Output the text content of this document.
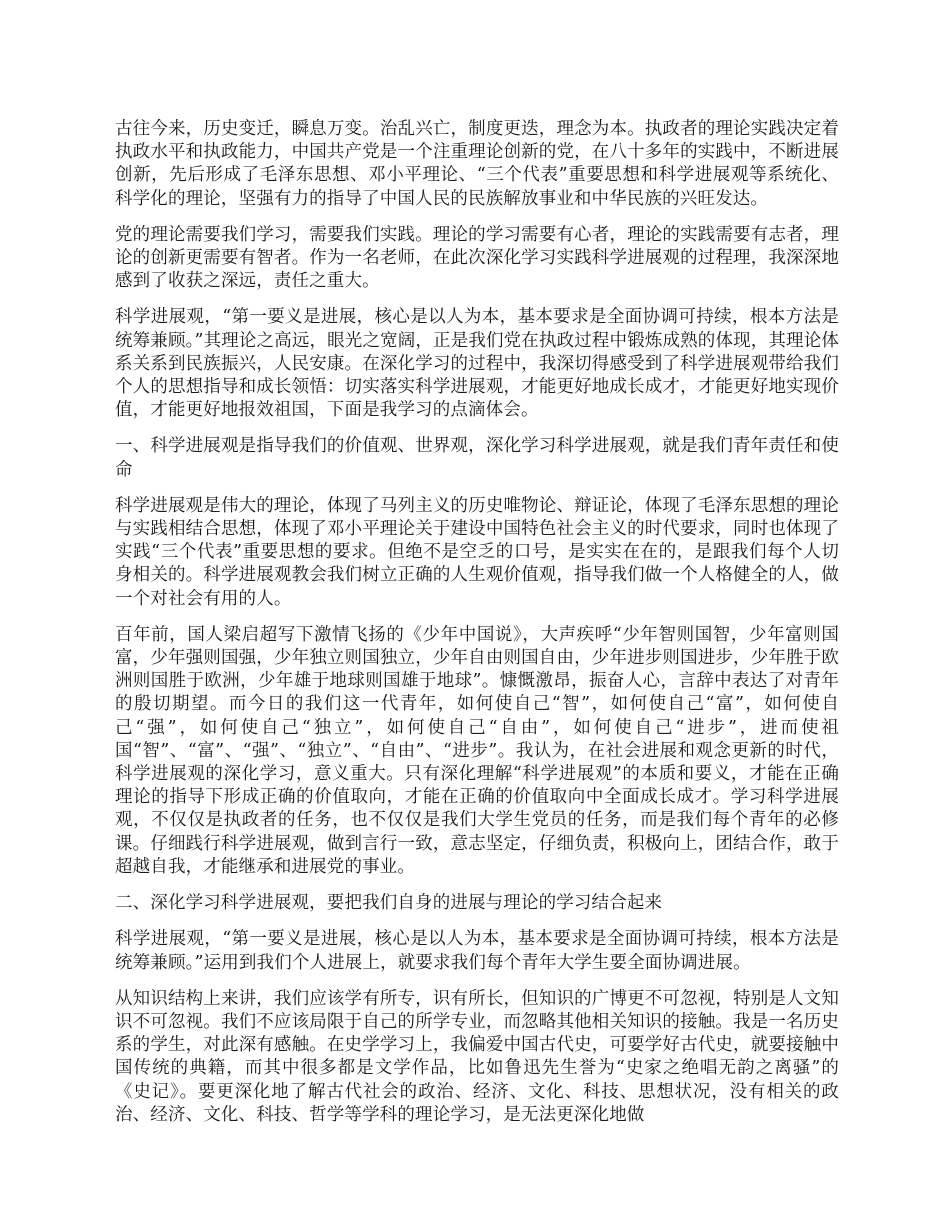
古往今来，历史变迁，瞬息万变。治乱兴亡，制度更迭，理念为本。执政者的理论实践决定着执政水平和执政能力，中国共产党是一个注重理论创新的党，在八十多年的实践中，不断进展创新，先后形成了毛泽东思想、邓小平理论、“三个代表”重要思想和科学进展观等系统化、科学化的理论，坚强有力的指导了中国人民的民族解放事业和中华民族的兴旺发达。

党的理论需要我们学习，需要我们实践。理论的学习需要有心者，理论的实践需要有志者，理论的创新更需要有智者。作为一名老师，在此次深化学习实践科学进展观的过程理，我深深地感到了收获之深远，责任之重大。

科学进展观，“第一要义是进展，核心是以人为本，基本要求是全面协调可持续，根本方法是统筹兼顾。”其理论之高远，眼光之宽阔，正是我们党在执政过程中锻炼成熟的体现，其理论体系关系到民族振兴，人民安康。在深化学习的过程中，我深切得感受到了科学进展观带给我们个人的思想指导和成长领悟：切实落实科学进展观，才能更好地成长成才，才能更好地实现价值，才能更好地报效祖国，下面是我学习的点滴体会。

一、科学进展观是指导我们的价值观、世界观，深化学习科学进展观，就是我们青年责任和使命

科学进展观是伟大的理论，体现了马列主义的历史唯物论、辩证论，体现了毛泽东思想的理论与实践相结合思想，体现了邓小平理论关于建设中国特色社会主义的时代要求，同时也体现了实践“三个代表”重要思想的要求。但绝不是空乏的口号，是实实在在的，是跟我们每个人切身相关的。科学进展观教会我们树立正确的人生观价值观，指导我们做一个人格健全的人，做一个对社会有用的人。

百年前，国人梁启超写下激情飞扬的《少年中国说》，大声疾呼“少年智则国智，少年富则国富，少年强则国强，少年独立则国独立，少年自由则国自由，少年进步则国进步，少年胜于欧洲则国胜于欧洲，少年雄于地球则国雄于地球”。慷慨激昂，振奋人心，言辞中表达了对青年的殷切期望。而今日的我们这一代青年，如何使自己“智”，如何使自己“富”，如何使自己“强”，如何使自己“独立”，如何使自己“自由”，如何使自己“进步”，进而使祖国“智”、“富”、“强”、“独立”、“自由”、“进步”。我认为，在社会进展和观念更新的时代，科学进展观的深化学习，意义重大。只有深化理解“科学进展观”的本质和要义，才能在正确理论的指导下形成正确的价值取向，才能在正确的价值取向中全面成长成才。学习科学进展观，不仅仅是执政者的任务，也不仅仅是我们大学生党员的任务，而是我们每个青年的必修课。仔细践行科学进展观，做到言行一致，意志坚定，仔细负责，积极向上，团结合作，敢于超越自我，才能继承和进展党的事业。

二、深化学习科学进展观，要把我们自身的进展与理论的学习结合起来

科学进展观，“第一要义是进展，核心是以人为本，基本要求是全面协调可持续，根本方法是统筹兼顾。”运用到我们个人进展上，就要求我们每个青年大学生要全面协调进展。

从知识结构上来讲，我们应该学有所专，识有所长，但知识的广博更不可忽视，特别是人文知识不可忽视。我们不应该局限于自己的所学专业，而忽略其他相关知识的接触。我是一名历史系的学生，对此深有感触。在史学学习上，我偏爱中国古代史，可要学好古代史，就要接触中国传统的典籍，而其中很多都是文学作品，比如鲁迅先生誉为“史家之绝唱无韵之离骚”的《史记》。要更深化地了解古代社会的政治、经济、文化、科技、思想状况，没有相关的政治、经济、文化、科技、哲学等学科的理论学习，是无法更深化地做
